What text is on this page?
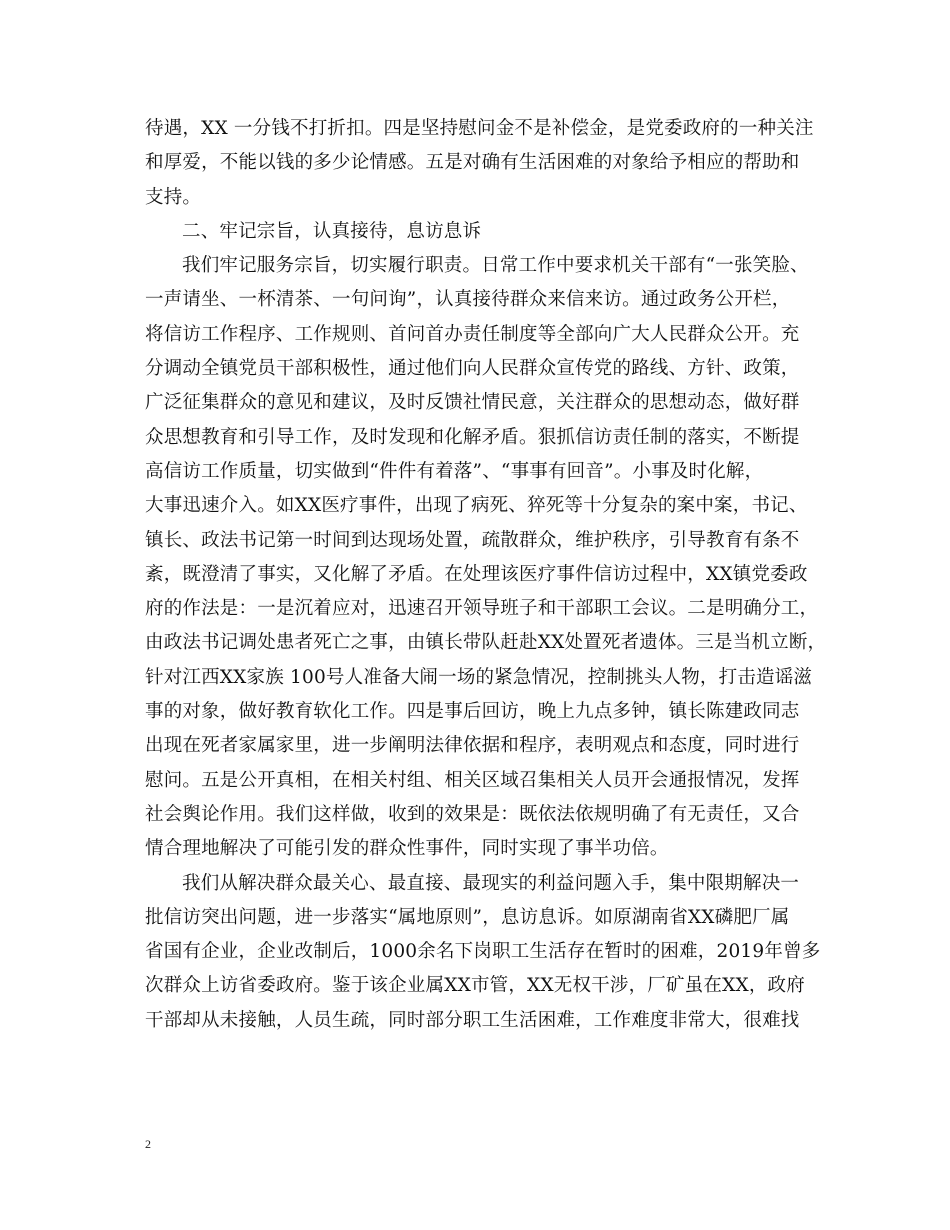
待遇，XX 一分钱不打折扣。四是坚持慰问金不是补偿金，是党委政府的一种关注
和厚爱，不能以钱的多少论情感。五是对确有生活困难的对象给予相应的帮助和
支持。
二、牢记宗旨，认真接待，息访息诉
我们牢记服务宗旨，切实履行职责。日常工作中要求机关干部有“一张笑脸、
一声请坐、一杯清茶、一句问询”，认真接待群众来信来访。通过政务公开栏，
将信访工作程序、工作规则、首问首办责任制度等全部向广大人民群众公开。充
分调动全镇党员干部积极性，通过他们向人民群众宣传党的路线、方针、政策，
广泛征集群众的意见和建议，及时反馈社情民意，关注群众的思想动态，做好群
众思想教育和引导工作，及时发现和化解矛盾。狠抓信访责任制的落实，不断提
高信访工作质量，切实做到“件件有着落”、“事事有回音”。小事及时化解，
大事迅速介入。如XX医疗事件，出现了病死、猝死等十分复杂的案中案，书记、
镇长、政法书记第一时间到达现场处置，疏散群众，维护秩序，引导教育有条不
紊，既澄清了事实，又化解了矛盾。在处理该医疗事件信访过程中，XX镇党委政
府的作法是：一是沉着应对，迅速召开领导班子和干部职工会议。二是明确分工，
由政法书记调处患者死亡之事，由镇长带队赶赴XX处置死者遗体。三是当机立断，
针对江西XX家族 100号人准备大闹一场的紧急情况，控制挑头人物，打击造谣滋
事的对象，做好教育软化工作。四是事后回访，晚上九点多钟，镇长陈建政同志
出现在死者家属家里，进一步阐明法律依据和程序，表明观点和态度，同时进行
慰问。五是公开真相，在相关村组、相关区域召集相关人员开会通报情况，发挥
社会舆论作用。我们这样做，收到的效果是：既依法依规明确了有无责任，又合
情合理地解决了可能引发的群众性事件，同时实现了事半功倍。
我们从解决群众最关心、最直接、最现实的利益问题入手，集中限期解决一
批信访突出问题，进一步落实“属地原则”，息访息诉。如原湖南省XX磷肥厂属
省国有企业，企业改制后，1000余名下岗职工生活存在暂时的困难，2019年曾多
次群众上访省委政府。鉴于该企业属XX市管，XX无权干涉，厂矿虽在XX，政府
干部却从未接触，人员生疏，同时部分职工生活困难，工作难度非常大，很难找
2
